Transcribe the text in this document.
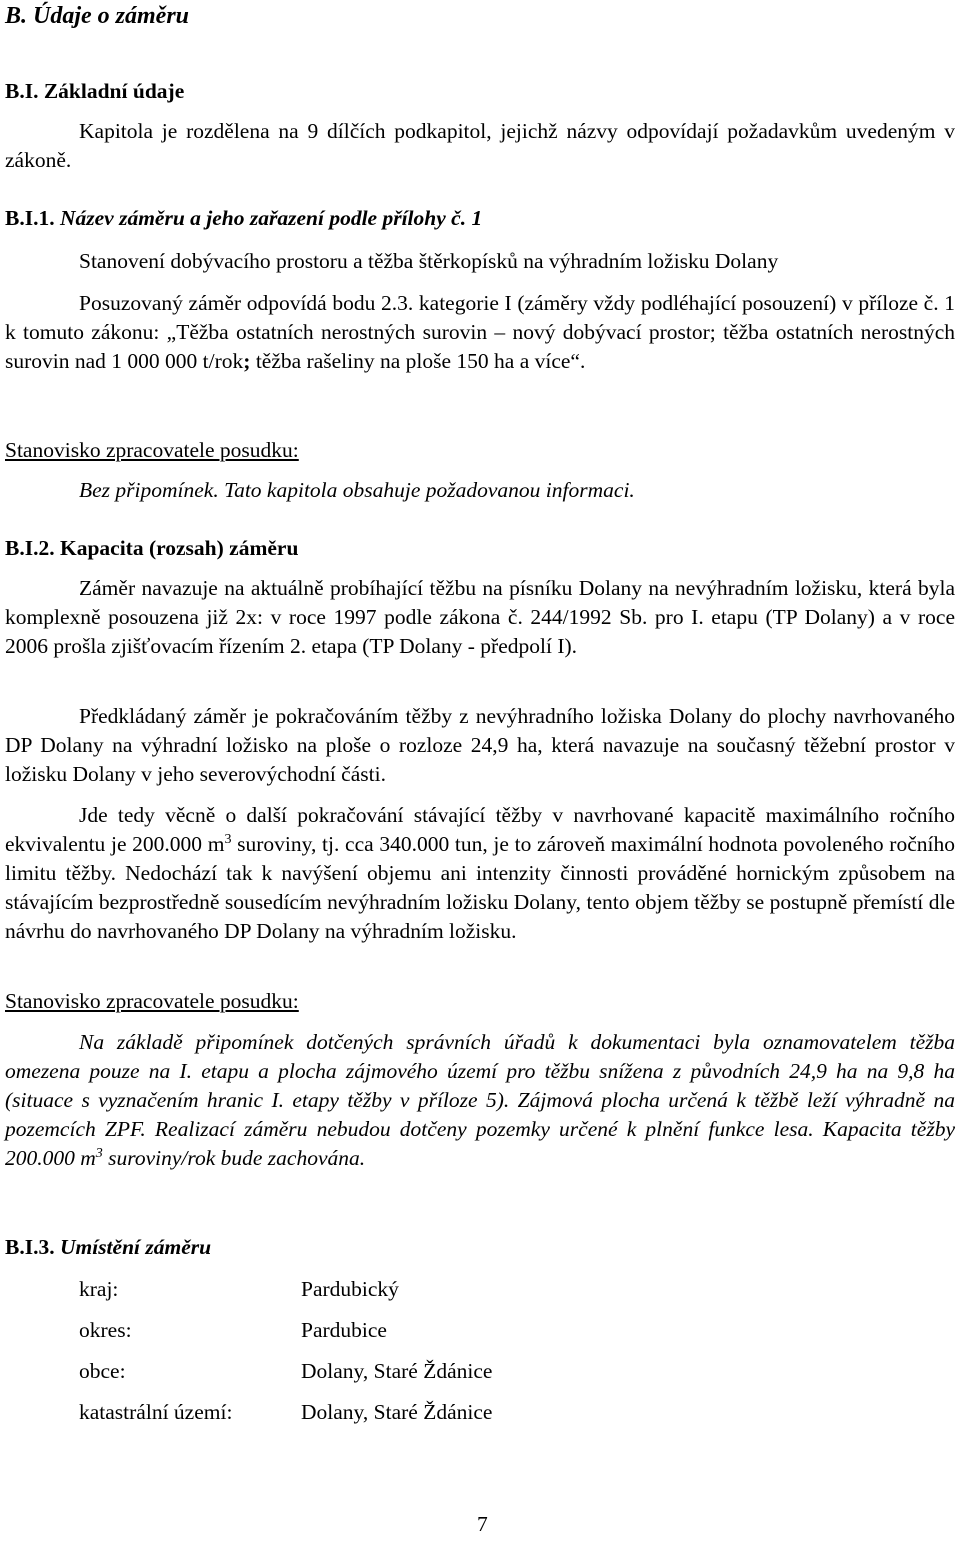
B. Údaje o záměru
B.I. Základní údaje
Kapitola je rozdělena na 9 dílčích podkapitol, jejichž názvy odpovídají požadavkům uvedeným v zákoně.
B.I.1. Název záměru a jeho zařazení podle přílohy č. 1
Stanovení dobývacího prostoru a těžba štěrkopísků na výhradním ložisku Dolany
Posuzovaný záměr odpovídá bodu 2.3. kategorie I (záměry vždy podléhající posouzení) v příloze č. 1 k tomuto zákonu: „Těžba ostatních nerostných surovin – nový dobývací prostor; těžba ostatních nerostných surovin nad 1 000 000 t/rok; těžba rašeliny na ploše 150 ha a více“.
Stanovisko zpracovatele posudku:
Bez připomínek. Tato kapitola obsahuje požadovanou informaci.
B.I.2. Kapacita (rozsah) záměru
Záměr navazuje na aktuálně probíhající těžbu na písníku Dolany na nevýhradním ložisku, která byla komplexně posouzena již 2x: v roce 1997 podle zákona č. 244/1992 Sb. pro I. etapu (TP Dolany) a v roce 2006 prošla zjišťovacím řízením 2. etapa (TP Dolany - předpolí I).
Předkládaný záměr je pokračováním těžby z nevýhradního ložiska Dolany do plochy navrhovaného DP Dolany na výhradní ložisko na ploše o rozloze 24,9 ha, která navazuje na současný těžební prostor v ložisku Dolany v jeho severovýchodní části.
Jde tedy věcně o další pokračování stávající těžby v navrhované kapacitě maximálního ročního ekvivalentu je 200.000 $m^3$ suroviny, tj. cca 340.000 tun, je to zároveň maximální hodnota povoleného ročního limitu těžby. Nedochází tak k navýšení objemu ani intenzity činnosti prováděné hornickým způsobem na stávajícím bezprostředně sousedícím nevýhradním ložisku Dolany, tento objem těžby se postupně přemístí dle návrhu do navrhovaného DP Dolany na výhradním ložisku.
Stanovisko zpracovatele posudku:
Na základě připomínek dotčených správních úřadů k dokumentaci byla oznamovatelem těžba omezena pouze na I. etapu a plocha zájmového území pro těžbu snížena z původních 24,9 ha na 9,8 ha (situace s vyznačením hranic I. etapy těžby v příloze 5). Zájmová plocha určená k těžbě leží výhradně na pozemcích ZPF. Realizací záměru nebudou dotčeny pozemky určené k plnění funkce lesa. Kapacita těžby 200.000 $m^3$ suroviny/rok bude zachována.
B.I.3. Umístění záměru
kraj:	Pardubický
okres:	Pardubice
obce:	Dolany, Staré Ždánice
katastrální území:	Dolany, Staré Ždánice
7
